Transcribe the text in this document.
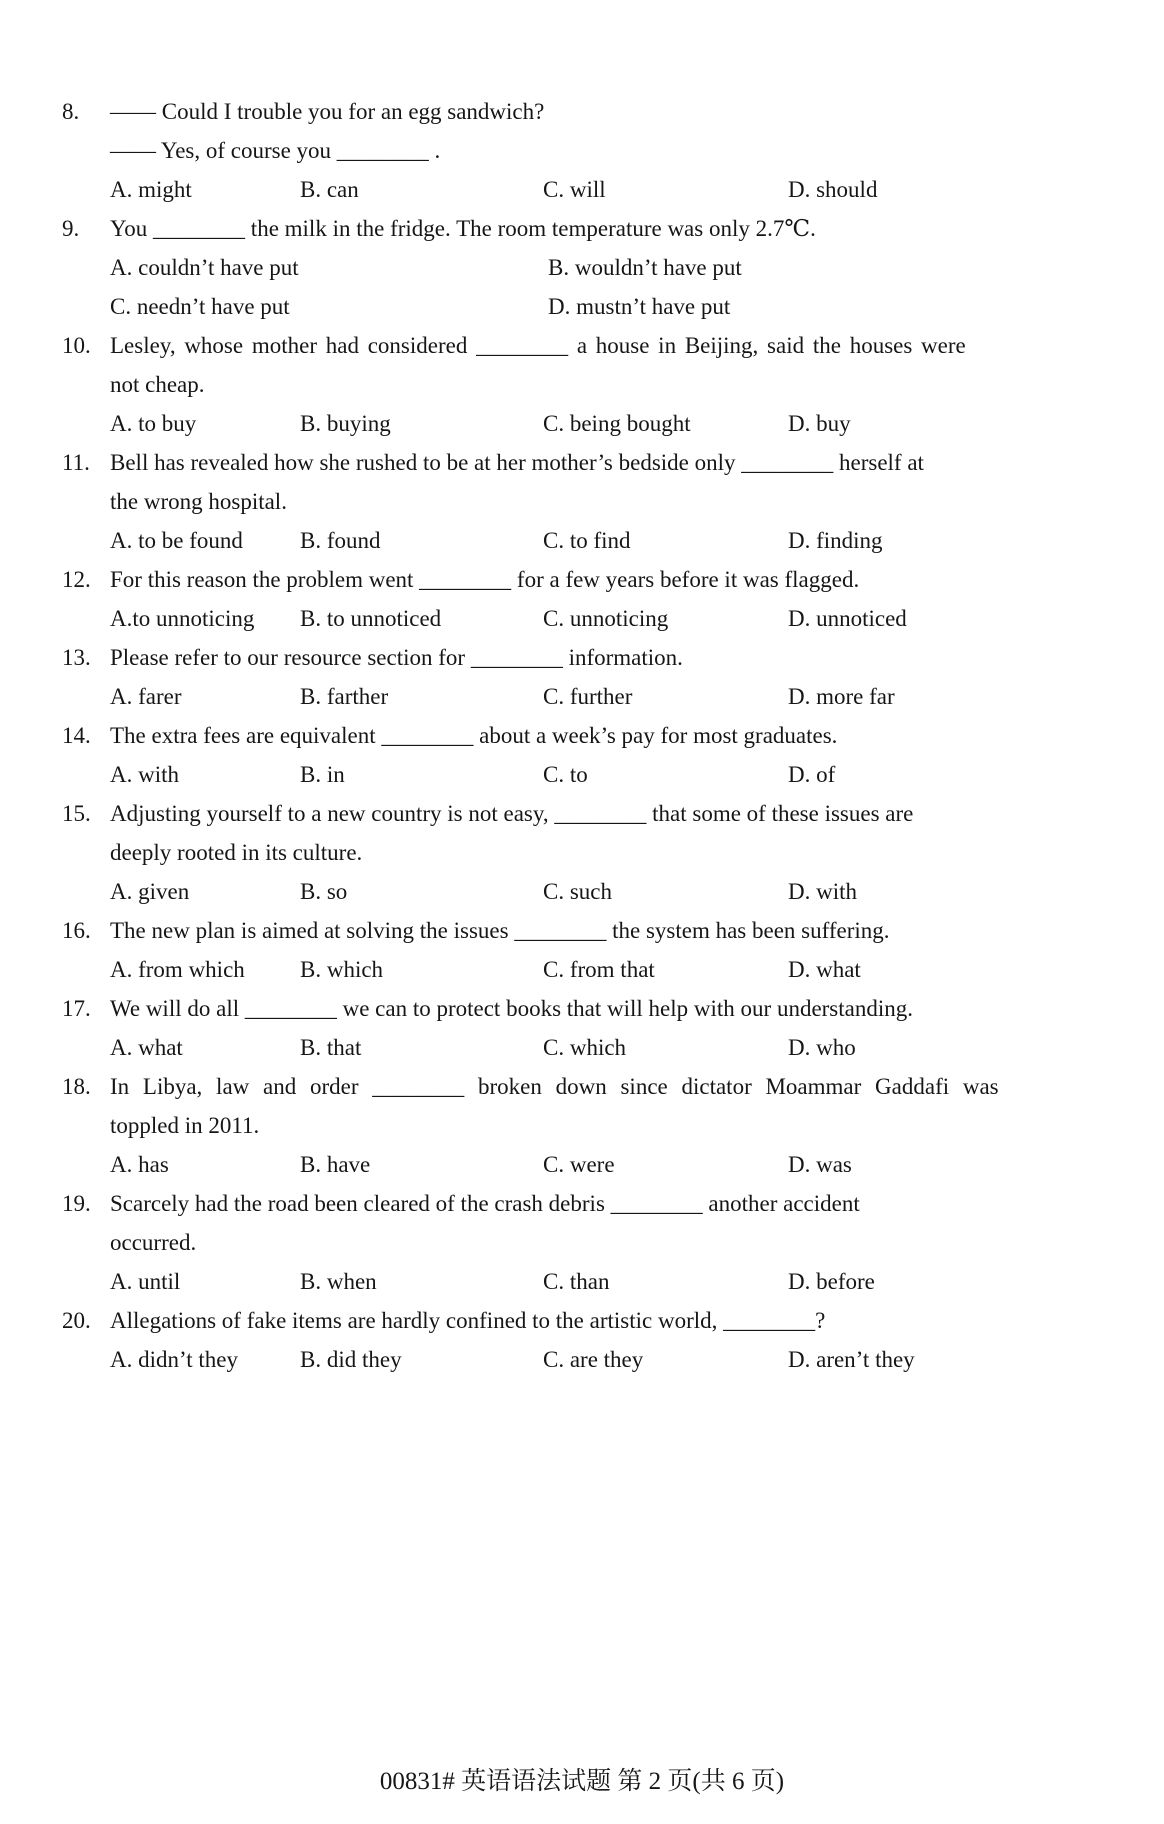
8. —— Could I trouble you for an egg sandwich?
—— Yes, of course you ________ .
A. might	B. can	C. will	D. should
9. You ________ the milk in the fridge. The room temperature was only 2.7℃.
A. couldn’t have put	B. wouldn’t have put
C. needn’t have put	D. mustn’t have put
10. Lesley, whose mother had considered ________ a house in Beijing, said the houses were
not cheap.
A. to buy	B. buying	C. being bought	D. buy
11. Bell has revealed how she rushed to be at her mother’s bedside only ________ herself at
the wrong hospital.
A. to be found	B. found	C. to find	D. finding
12. For this reason the problem went ________ for a few years before it was flagged.
A.to unnoticing	B. to unnoticed	C. unnoticing	D. unnoticed
13. Please refer to our resource section for ________ information.
A. farer	B. farther	C. further	D. more far
14. The extra fees are equivalent ________ about a week’s pay for most graduates.
A. with	B. in	C. to	D. of
15. Adjusting yourself to a new country is not easy, ________ that some of these issues are
deeply rooted in its culture.
A. given	B. so	C. such	D. with
16. The new plan is aimed at solving the issues ________ the system has been suffering.
A. from which	B. which	C. from that	D. what
17. We will do all ________ we can to protect books that will help with our understanding.
A. what	B. that	C. which	D. who
18. In Libya, law and order ________ broken down since dictator Moammar Gaddafi was
toppled in 2011.
A. has	B. have	C. were	D. was
19. Scarcely had the road been cleared of the crash debris ________ another accident
occurred.
A. until	B. when	C. than	D. before
20. Allegations of fake items are hardly confined to the artistic world, ________?
A. didn’t they	B. did they	C. are they	D. aren’t they
00831# 英语语法试题 第 2 页(共 6 页)
